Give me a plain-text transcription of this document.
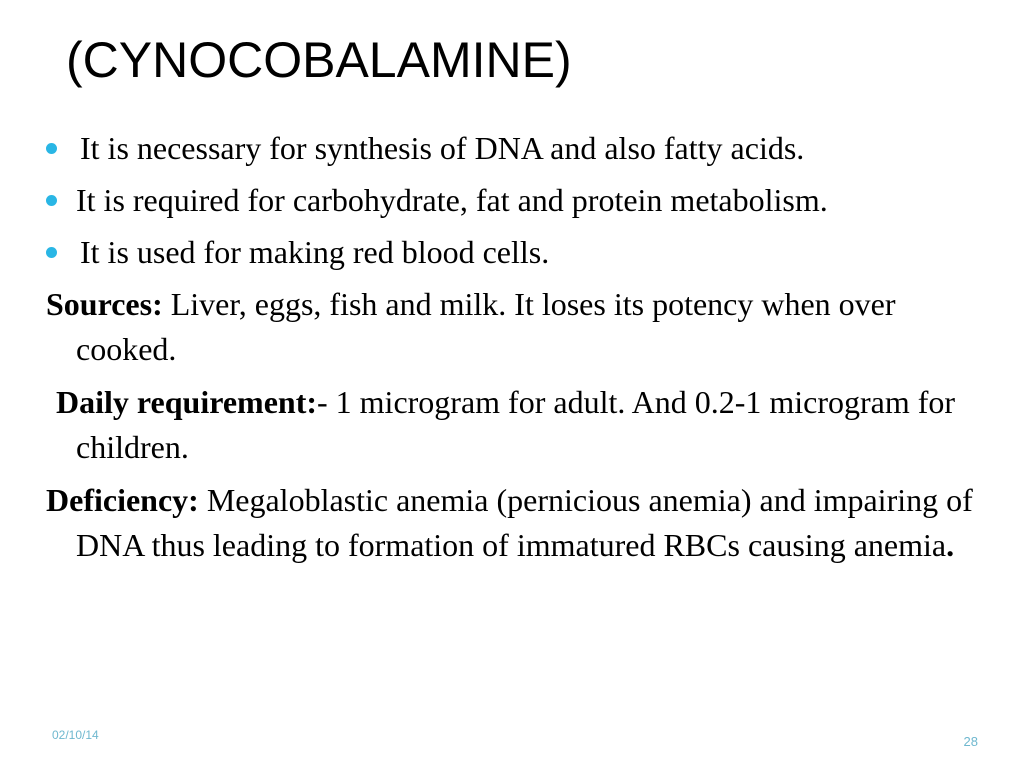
(CYNOCOBALAMINE)
It is necessary for synthesis of DNA and also fatty acids.
It is required for carbohydrate, fat and protein metabolism.
It is used for making red blood cells.
Sources: Liver, eggs, fish and milk. It loses its potency when over cooked.
Daily requirement:- 1 microgram for adult. And 0.2-1 microgram for children.
Deficiency: Megaloblastic anemia (pernicious anemia) and impairing of DNA thus leading to formation of immatured RBCs causing anemia.
02/10/14	28
